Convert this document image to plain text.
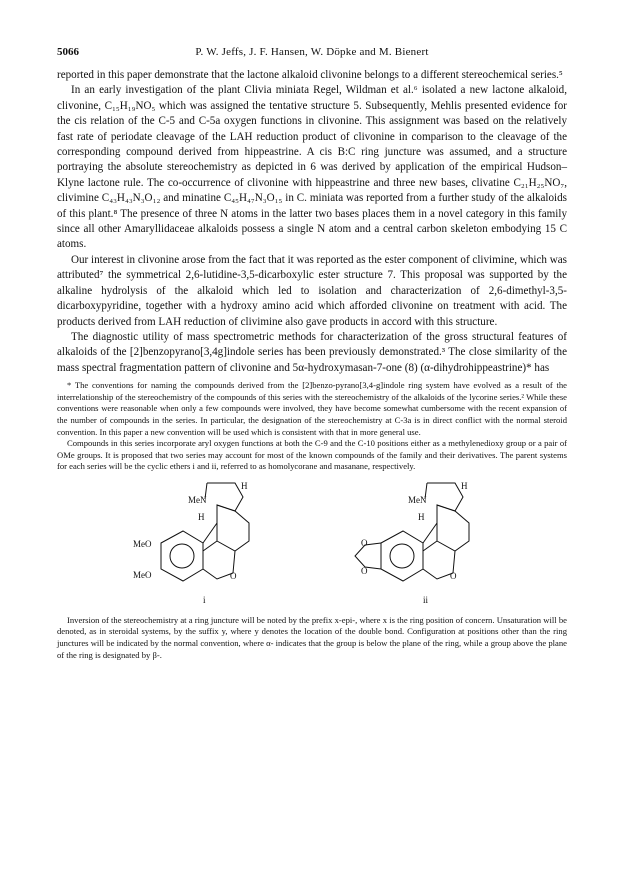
5066	P. W. Jeffs, J. F. Hansen, W. Döpke and M. Bienert

reported in this paper demonstrate that the lactone alkaloid clivonine belongs to a different stereochemical series.⁵

In an early investigation of the plant Clivia miniata Regel, Wildman et al.⁶ isolated a new lactone alkaloid, clivonine, C₁₅H₁₉NO₅ which was assigned the tentative structure 5. Subsequently, Mehlis presented evidence for the cis relation of the C-5 and C-5a oxygen functions in clivonine. This assignment was based on the relatively fast rate of periodate cleavage of the LAH reduction product of clivonine in comparison to the cleavage of the corresponding compound derived from hippeastrine. A cis B:C ring juncture was assumed, and a structure portraying the absolute stereochemistry as depicted in 6 was derived by application of the empirical Hudson–Klyne lactone rule. The co-occurrence of clivonine with hippeastrine and three new bases, clivatine C₂₁H₂₅NO₇, clivimine C₄₃H₄₃N₃O₁₂ and minatine C₄₅H₄₇N₃O₁₅ in C. miniata was reported from a further study of the alkaloids of this plant.⁸ The presence of three N atoms in the latter two bases places them in a novel category in this family since all other Amaryllidaceae alkaloids possess a single N atom and a central carbon skeleton embodying 15 C atoms.

Our interest in clivonine arose from the fact that it was reported as the ester component of clivimine, which was attributed⁷ the symmetrical 2,6-lutidine-3,5-dicarboxylic ester structure 7. This proposal was supported by the alkaline hydrolysis of the alkaloid which led to isolation and characterization of 2,6-dimethyl-3,5-dicarboxypyridine, together with a hydroxy amino acid which afforded clivonine on treatment with acid. The products derived from LAH reduction of clivimine also gave products in accord with this structure.

The diagnostic utility of mass spectrometric methods for characterization of the gross structural features of alkaloids of the [2]benzopyrano[3,4g]indole series has been previously demonstrated.³ The close similarity of the mass spectral fragmentation pattern of clivonine and 5α-hydroxymasan-7-one (8) (α-dihydrohippeastrine)* has

* The conventions for naming the compounds derived from the [2]benzo-pyrano[3,4-g]indole ring system have evolved as a result of the interrelationship of the stereochemistry of the compounds of this series with the stereochemistry of the alkaloids of the lycorine series.² While these conventions were reasonable when only a few compounds were involved, they have become somewhat cumbersome with the recent expansion of the number of compounds in the series. In particular, the designation of the stereochemistry at C-3a is in direct conflict with the normal steroid convention. In this paper a new convention will be used which is consistent with that in more general use.

Compounds in this series incorporate aryl oxygen functions at both the C-9 and the C-10 positions either as a methylenedioxy group or a pair of OMe groups. It is proposed that two series may account for most of the known compounds of the family and their derivatives. The parent systems for each series will be the cyclic ethers i and ii, referred to as homolycorane and masanane, respectively.

H
MeN
H
MeO
MeO	O
i
H
MeN
H
O
O	O
ii

Inversion of the stereochemistry at a ring juncture will be noted by the prefix x-epi-, where x is the ring position of concern. Unsaturation will be denoted, as in steroidal systems, by the suffix y, where y denotes the location of the double bond. Configuration at positions other than the ring junctures will be indicated by the normal convention, where α- indicates that the group is below the plane of the ring, while a group above the plane of the ring is designated by β-.
